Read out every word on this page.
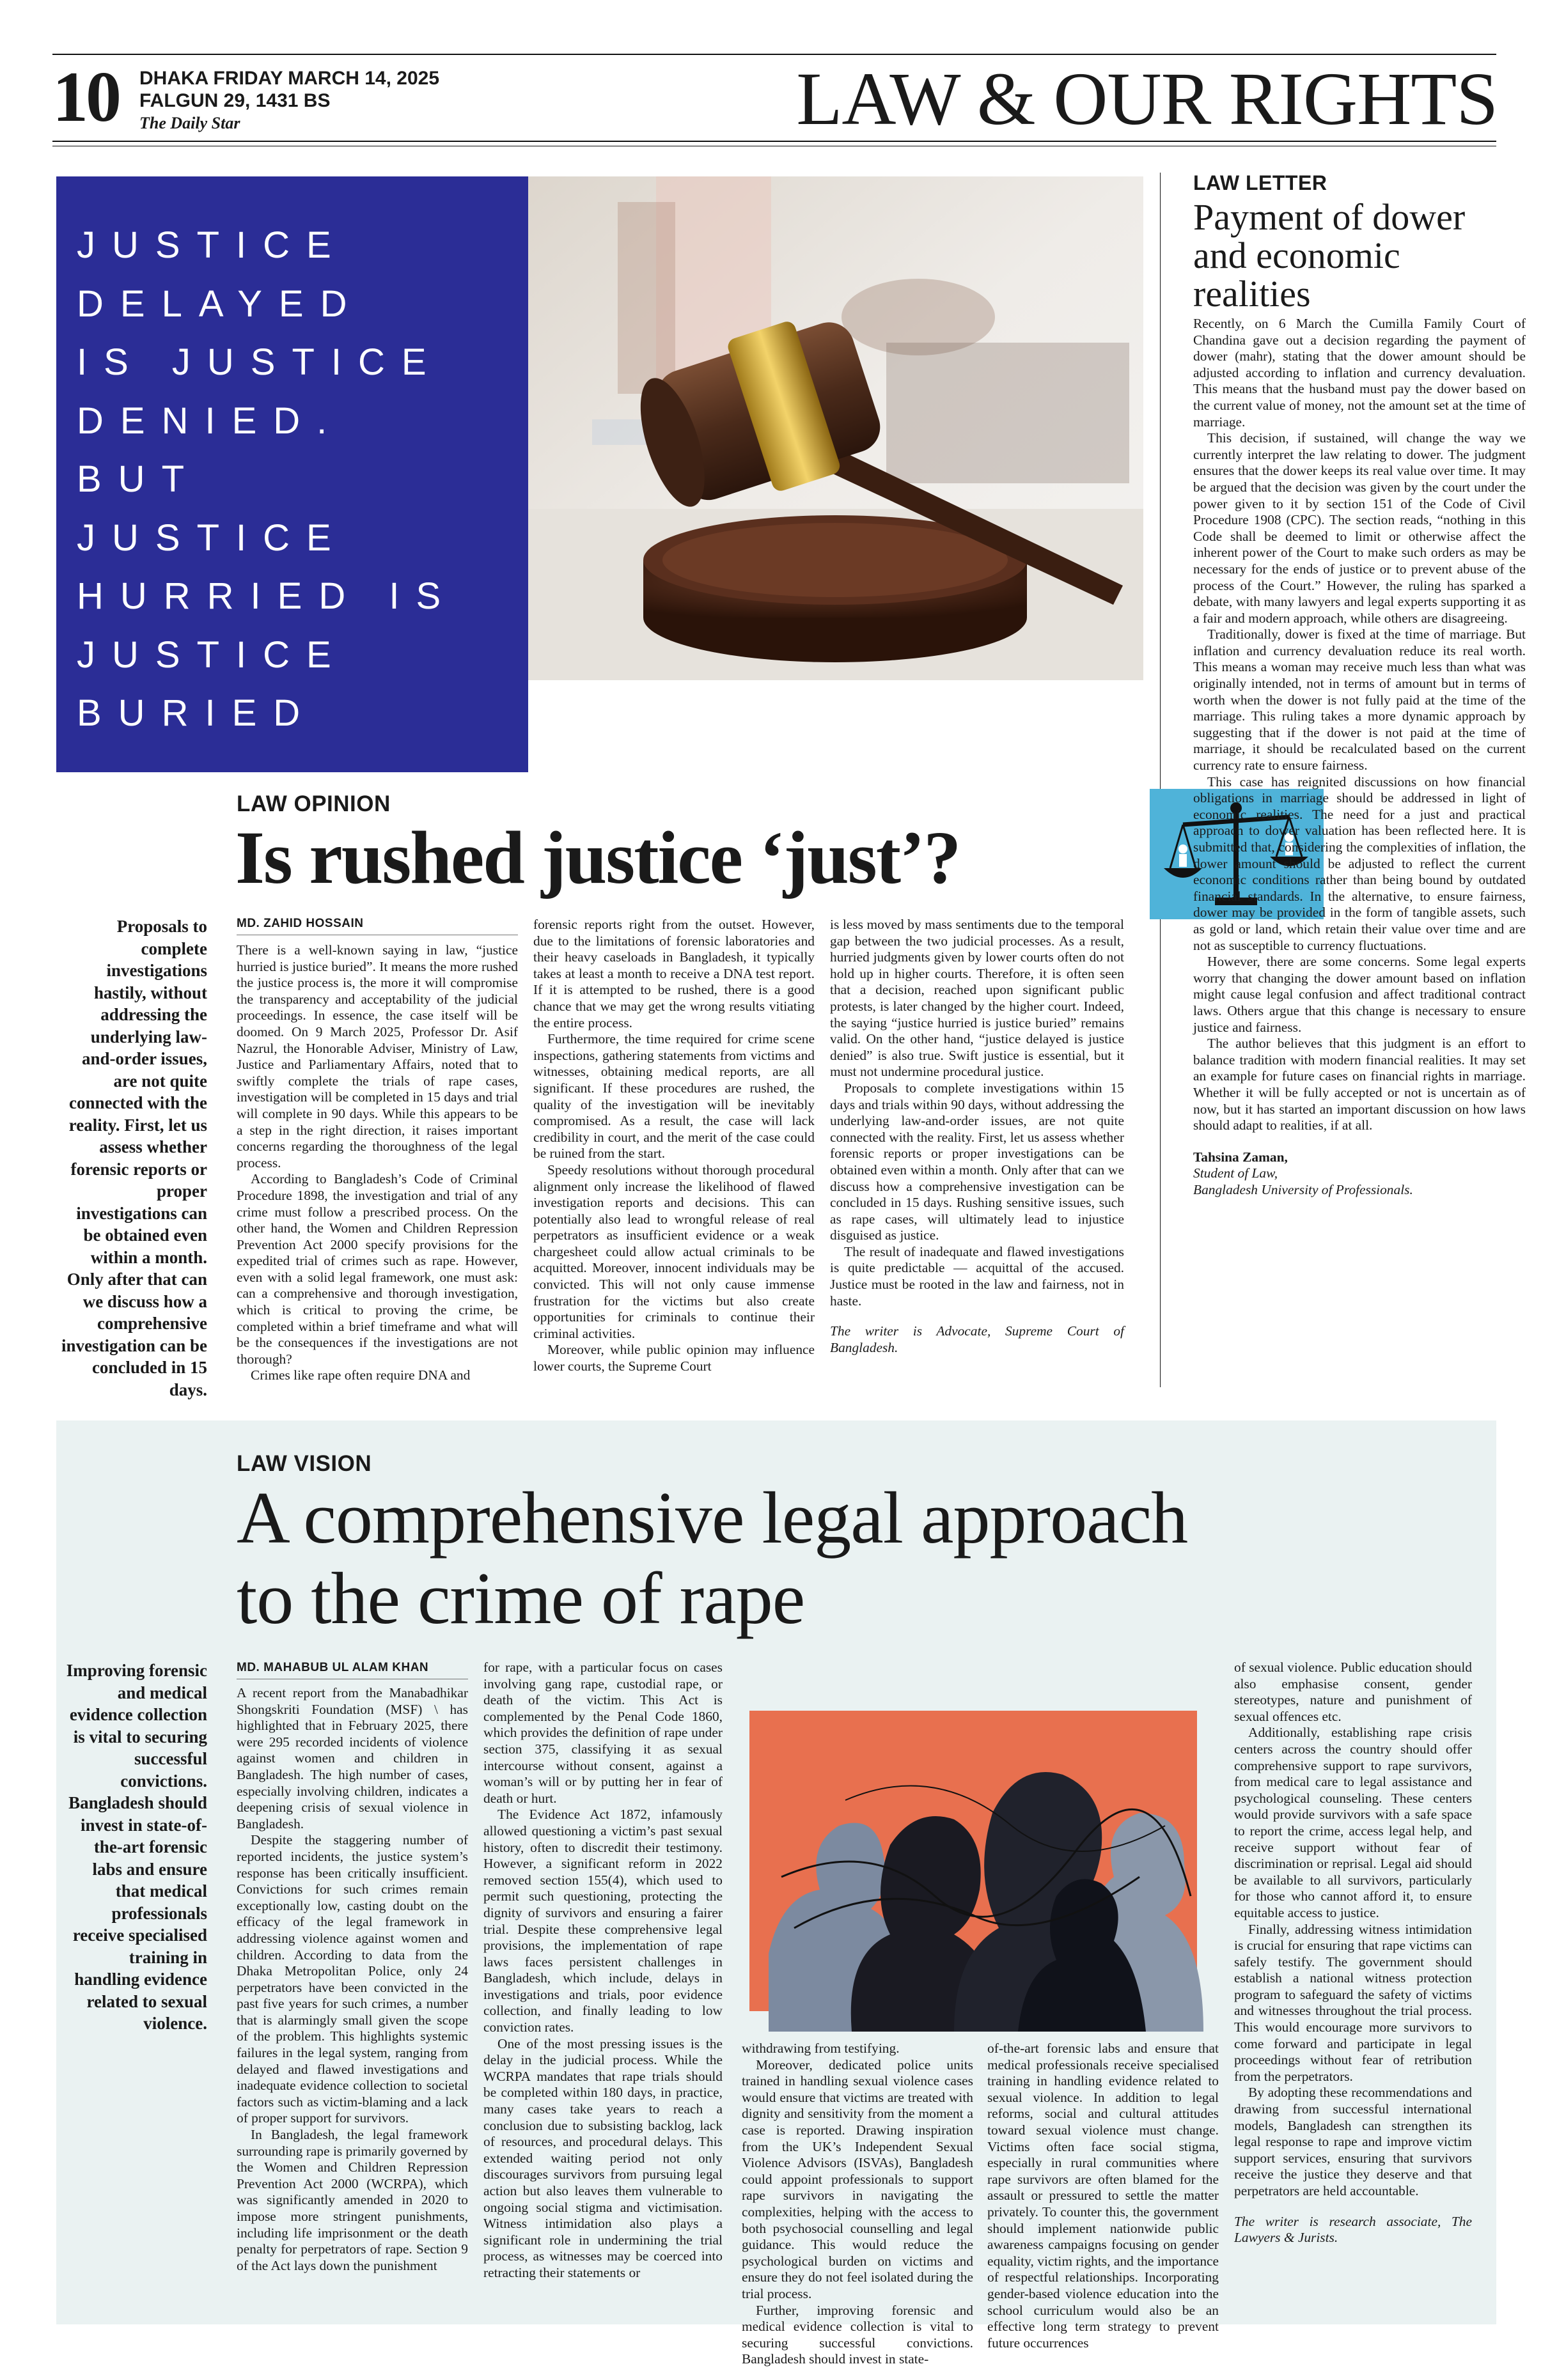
10 DHAKA FRIDAY MARCH 14, 2025
FALGUN 29, 1431 BS
The Daily Star	LAW & OUR RIGHTS
JUSTICE
DELAYED
IS JUSTICE
DENIED.
BUT
JUSTICE
HURRIED IS
JUSTICE
BURIED
LAW OPINION
Is rushed justice ‘just’?
Proposals to complete investigations hastily, without addressing the underlying law-and-order issues, are not quite connected with the reality. First, let us assess whether forensic reports or proper investigations can be obtained even within a month. Only after that can we discuss how a comprehensive investigation can be concluded in 15 days.
MD. ZAHID HOSSAIN

There is a well-known saying in law, “justice hurried is justice buried”. It means the more rushed the justice process is, the more it will compromise the transparency and acceptability of the judicial proceedings. In essence, the case itself will be doomed. On 9 March 2025, Professor Dr. Asif Nazrul, the Honorable Adviser, Ministry of Law, Justice and Parliamentary Affairs, noted that to swiftly complete the trials of rape cases, investigation will be completed in 15 days and trial will complete in 90 days. While this appears to be a step in the right direction, it raises important concerns regarding the thoroughness of the legal process.

According to Bangladesh’s Code of Criminal Procedure 1898, the investigation and trial of any crime must follow a prescribed process. On the other hand, the Women and Children Repression Prevention Act 2000 specify provisions for the expedited trial of crimes such as rape. However, even with a solid legal framework, one must ask: can a comprehensive and thorough investigation, which is critical to proving the crime, be completed within a brief timeframe and what will be the consequences if the investigations are not thorough?

Crimes like rape often require DNA and

forensic reports right from the outset. However, due to the limitations of forensic laboratories and their heavy caseloads in Bangladesh, it typically takes at least a month to receive a DNA test report. If it is attempted to be rushed, there is a good chance that we may get the wrong results vitiating the entire process.

Furthermore, the time required for crime scene inspections, gathering statements from victims and witnesses, obtaining medical reports, are all significant. If these procedures are rushed, the quality of the investigation will be inevitably compromised. As a result, the case will lack credibility in court, and the merit of the case could be ruined from the start.

Speedy resolutions without thorough procedural alignment only increase the likelihood of flawed investigation reports and decisions. This can potentially also lead to wrongful release of real perpetrators as insufficient evidence or a weak chargesheet could allow actual criminals to be acquitted. Moreover, innocent individuals may be convicted. This will not only cause immense frustration for the victims but also create opportunities for criminals to continue their criminal activities.

Moreover, while public opinion may influence lower courts, the Supreme Court

is less moved by mass sentiments due to the temporal gap between the two judicial processes. As a result, hurried judgments given by lower courts often do not hold up in higher courts. Therefore, it is often seen that a decision, reached upon significant public protests, is later changed by the higher court. Indeed, the saying “justice hurried is justice buried” remains valid. On the other hand, “justice delayed is justice denied” is also true. Swift justice is essential, but it must not undermine procedural justice.

Proposals to complete investigations within 15 days and trials within 90 days, without addressing the underlying law-and-order issues, are not quite connected with the reality. First, let us assess whether forensic reports or proper investigations can be obtained even within a month. Only after that can we discuss how a comprehensive investigation can be concluded in 15 days. Rushing sensitive issues, such as rape cases, will ultimately lead to injustice disguised as justice.

The result of inadequate and flawed investigations is quite predictable — acquittal of the accused. Justice must be rooted in the law and fairness, not in haste.

The writer is Advocate, Supreme Court of Bangladesh.

LAW LETTER
Payment of dower and economic realities

Recently, on 6 March the Cumilla Family Court of Chandina gave out a decision regarding the payment of dower (mahr), stating that the dower amount should be adjusted according to inflation and currency devaluation. This means that the husband must pay the dower based on the current value of money, not the amount set at the time of marriage.

This decision, if sustained, will change the way we currently interpret the law relating to dower. The judgment ensures that the dower keeps its real value over time. It may be argued that the decision was given by the court under the power given to it by section 151 of the Code of Civil Procedure 1908 (CPC). The section reads, “nothing in this Code shall be deemed to limit or otherwise affect the inherent power of the Court to make such orders as may be necessary for the ends of justice or to prevent abuse of the process of the Court.” However, the ruling has sparked a debate, with many lawyers and legal experts supporting it as a fair and modern approach, while others are disagreeing.

Traditionally, dower is fixed at the time of marriage. But inflation and currency devaluation reduce its real worth. This means a woman may receive much less than what was originally intended, not in terms of amount but in terms of worth when the dower is not fully paid at the time of the marriage. This ruling takes a more dynamic approach by suggesting that if the dower is not paid at the time of marriage, it should be recalculated based on the current currency rate to ensure fairness.

This case has reignited discussions on how financial obligations in marriage should be addressed in light of economic realities. The need for a just and practical approach to dower valuation has been reflected here. It is submitted that, considering the complexities of inflation, the dower amount should be adjusted to reflect the current economic conditions rather than being bound by outdated financial standards. In the alternative, to ensure fairness, dower may be provided in the form of tangible assets, such as gold or land, which retain their value over time and are not as susceptible to currency fluctuations.

However, there are some concerns. Some legal experts worry that changing the dower amount based on inflation might cause legal confusion and affect traditional contract laws. Others argue that this change is necessary to ensure justice and fairness.

The author believes that this judgment is an effort to balance tradition with modern financial realities. It may set an example for future cases on financial rights in marriage. Whether it will be fully accepted or not is uncertain as of now, but it has started an important discussion on how laws should adapt to realities, if at all.

Tahsina Zaman,
Student of Law,
Bangladesh University of Professionals.
LAW VISION
A comprehensive legal approach
to the crime of rape
Improving forensic and medical evidence collection is vital to securing successful convictions. Bangladesh should invest in state-of-the-art forensic labs and ensure that medical professionals receive specialised training in handling evidence related to sexual violence.
MD. MAHABUB UL ALAM KHAN

A recent report from the Manabadhikar Shongskriti Foundation (MSF) \ has highlighted that in February 2025, there were 295 recorded incidents of violence against women and children in Bangladesh. The high number of cases, especially involving children, indicates a deepening crisis of sexual violence in Bangladesh.

Despite the staggering number of reported incidents, the justice system’s response has been critically insufficient. Convictions for such crimes remain exceptionally low, casting doubt on the efficacy of the legal framework in addressing violence against women and children. According to data from the Dhaka Metropolitan Police, only 24 perpetrators have been convicted in the past five years for such crimes, a number that is alarmingly small given the scope of the problem. This highlights systemic failures in the legal system, ranging from delayed and flawed investigations and inadequate evidence collection to societal factors such as victim-blaming and a lack of proper support for survivors.

In Bangladesh, the legal framework surrounding rape is primarily governed by the Women and Children Repression Prevention Act 2000 (WCRPA), which was significantly amended in 2020 to impose more stringent punishments, including life imprisonment or the death penalty for perpetrators of rape. Section 9 of the Act lays down the punishment

for rape, with a particular focus on cases involving gang rape, custodial rape, or death of the victim. This Act is complemented by the Penal Code 1860, which provides the definition of rape under section 375, classifying it as sexual intercourse without consent, against a woman’s will or by putting her in fear of death or hurt.

The Evidence Act 1872, infamously allowed questioning a victim’s past sexual history, often to discredit their testimony. However, a significant reform in 2022 removed section 155(4), which used to permit such questioning, protecting the dignity of survivors and ensuring a fairer trial. Despite these comprehensive legal provisions, the implementation of rape laws faces persistent challenges in Bangladesh, which include, delays in investigations and trials, poor evidence collection, and finally leading to low conviction rates.

One of the most pressing issues is the delay in the judicial process. While the WCRPA mandates that rape trials should be completed within 180 days, in practice, many cases take years to reach a conclusion due to subsisting backlog, lack of resources, and procedural delays. This extended waiting period not only discourages survivors from pursuing legal action but also leaves them vulnerable to ongoing social stigma and victimisation. Witness intimidation also plays a significant role in undermining the trial process, as witnesses may be coerced into retracting their statements or

withdrawing from testifying.

Moreover, dedicated police units trained in handling sexual violence cases would ensure that victims are treated with dignity and sensitivity from the moment a case is reported. Drawing inspiration from the UK’s Independent Sexual Violence Advisors (ISVAs), Bangladesh could appoint professionals to support rape survivors in navigating the complexities, helping with the access to both psychosocial counselling and legal guidance. This would reduce the psychological burden on victims and ensure they do not feel isolated during the trial process.

Further, improving forensic and medical evidence collection is vital to securing successful convictions. Bangladesh should invest in state-

of-the-art forensic labs and ensure that medical professionals receive specialised training in handling evidence related to sexual violence. In addition to legal reforms, social and cultural attitudes toward sexual violence must change. Victims often face social stigma, especially in rural communities where rape survivors are often blamed for the assault or pressured to settle the matter privately. To counter this, the government should implement nationwide public awareness campaigns focusing on gender equality, victim rights, and the importance of respectful relationships. Incorporating gender-based violence education into the school curriculum would also be an effective long term strategy to prevent future occurrences

of sexual violence. Public education should also emphasise consent, gender stereotypes, nature and punishment of sexual offences etc.

Additionally, establishing rape crisis centers across the country should offer comprehensive support to rape survivors, from medical care to legal assistance and psychological counseling. These centers would provide survivors with a safe space to report the crime, access legal help, and receive support without fear of discrimination or reprisal. Legal aid should be available to all survivors, particularly for those who cannot afford it, to ensure equitable access to justice.

Finally, addressing witness intimidation is crucial for ensuring that rape victims can safely testify. The government should establish a national witness protection program to safeguard the safety of victims and witnesses throughout the trial process. This would encourage more survivors to come forward and participate in legal proceedings without fear of retribution from the perpetrators.

By adopting these recommendations and drawing from successful international models, Bangladesh can strengthen its legal response to rape and improve victim support services, ensuring that survivors receive the justice they deserve and that perpetrators are held accountable.

The writer is research associate, The Lawyers & Jurists.
